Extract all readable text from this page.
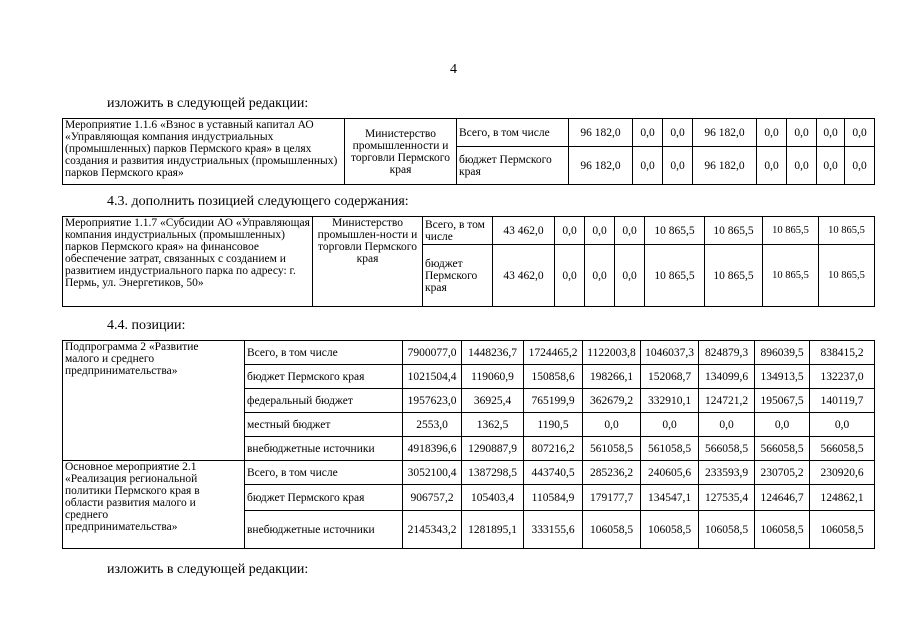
4
изложить в следующей редакции:
Мероприятие 1.1.6 «Взнос в уставный капитал АО «Управляющая компания индустриальных (промышленных) парков Пермского края» в целях создания и развития индустриальных (промышленных) парков Пермского края»	Министерство промышленности и торговли Пермского края	Всего, в том числе	96 182,0	0,0	0,0	96 182,0	0,0	0,0	0,0	0,0
		бюджет Пермского края	96 182,0	0,0	0,0	96 182,0	0,0	0,0	0,0	0,0
4.3. дополнить позицией следующего содержания:
Мероприятие 1.1.7 «Субсидии АО «Управляющая компания индустриальных (промышленных) парков Пермского края» на финансовое обеспечение затрат, связанных с созданием и развитием индустриального парка по адресу: г. Пермь, ул. Энергетиков, 50»	Министерство промышлен-ности и торговли Пермского края	Всего, в том числе	43 462,0	0,0	0,0	0,0	10 865,5	10 865,5	10 865,5	10 865,5
		бюджет Пермского края	43 462,0	0,0	0,0	0,0	10 865,5	10 865,5	10 865,5	10 865,5
4.4. позиции:
Подпрограмма 2 «Развитие малого и среднего предпринимательства»		Всего, в том числе	7900077,0	1448236,7	1724465,2	1122003,8	1046037,3	824879,3	896039,5	838415,2
		бюджет Пермского края	1021504,4	119060,9	150858,6	198266,1	152068,7	134099,6	134913,5	132237,0
		федеральный бюджет	1957623,0	36925,4	765199,9	362679,2	332910,1	124721,2	195067,5	140119,7
		местный бюджет	2553,0	1362,5	1190,5	0,0	0,0	0,0	0,0	0,0
		внебюджетные источники	4918396,6	1290887,9	807216,2	561058,5	561058,5	566058,5	566058,5	566058,5
Основное мероприятие 2.1 «Реализация региональной политики Пермского края в области развития малого и среднего предпринимательства»		Всего, в том числе	3052100,4	1387298,5	443740,5	285236,2	240605,6	233593,9	230705,2	230920,6
		бюджет Пермского края	906757,2	105403,4	110584,9	179177,7	134547,1	127535,4	124646,7	124862,1
		внебюджетные источники	2145343,2	1281895,1	333155,6	106058,5	106058,5	106058,5	106058,5	106058,5
изложить в следующей редакции:
